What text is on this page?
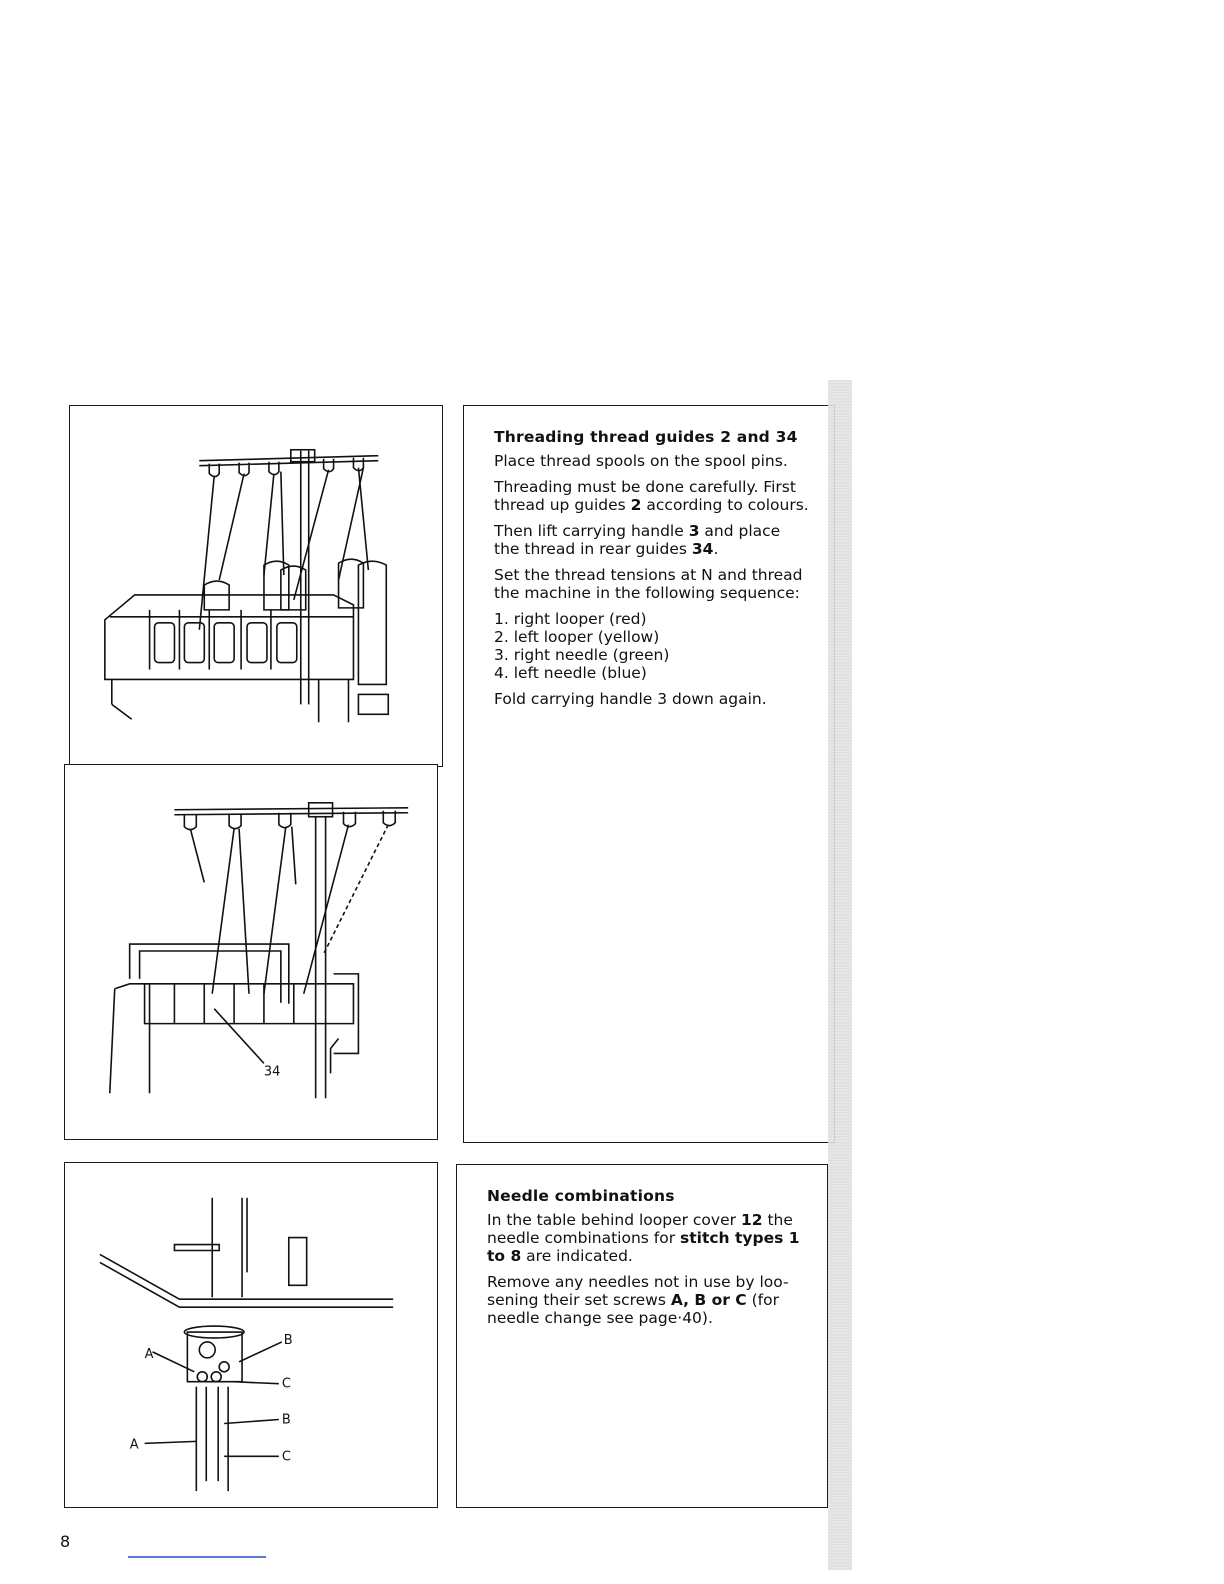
34
A
B
C
B
A
C
Threading thread guides 2 and 34

Place thread spools on the spool pins.

Threading must be done carefully. First thread up guides 2 according to colours.

Then lift carrying handle 3 and place the thread in rear guides 34.

Set the thread tensions at N and thread the machine in the following sequence:

1. right looper (red)
2. left looper (yellow)
3. right needle (green)
4. left needle (blue)

Fold carrying handle 3 down again.

Needle combinations

In the table behind looper cover 12 the needle combinations for stitch types 1 to 8 are indicated.

Remove any needles not in use by loo-sening their set screws A, B or C (for needle change see page·40).

8
